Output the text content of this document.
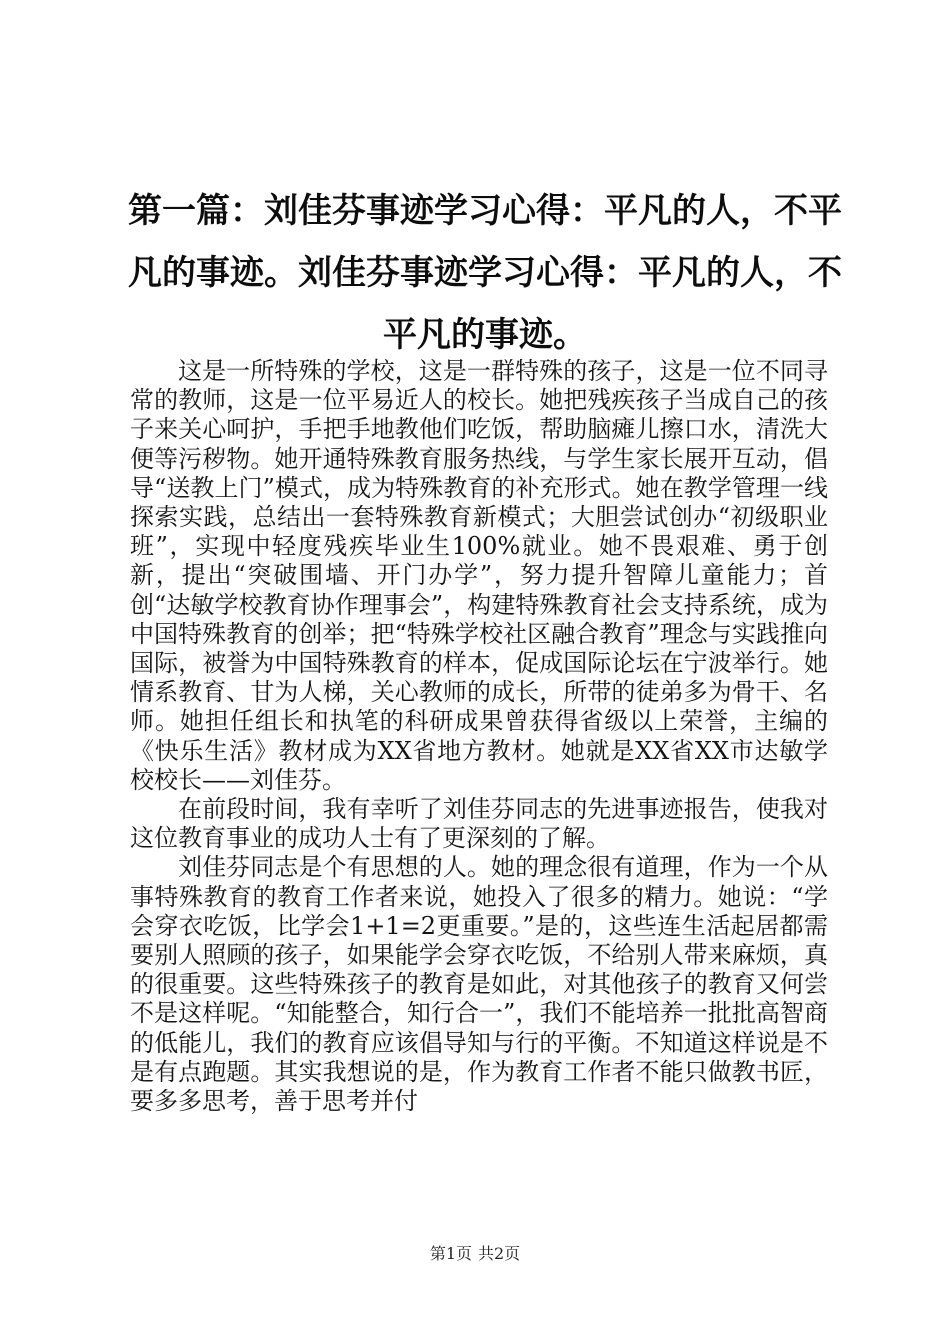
第一篇：刘佳芬事迹学习心得：平凡的人，不平凡的事迹。刘佳芬事迹学习心得：平凡的人，不平凡的事迹。

这是一所特殊的学校，这是一群特殊的孩子，这是一位不同寻常的教师，这是一位平易近人的校长。她把残疾孩子当成自己的孩子来关心呵护，手把手地教他们吃饭，帮助脑瘫儿擦口水，清洗大便等污秽物。她开通特殊教育服务热线，与学生家长展开互动，倡导“送教上门”模式，成为特殊教育的补充形式。她在教学管理一线探索实践，总结出一套特殊教育新模式；大胆尝试创办“初级职业班”，实现中轻度残疾毕业生100%就业。她不畏艰难、勇于创新，提出“突破围墙、开门办学”，努力提升智障儿童能力；首创“达敏学校教育协作理事会”，构建特殊教育社会支持系统，成为中国特殊教育的创举；把“特殊学校社区融合教育”理念与实践推向国际，被誉为中国特殊教育的样本，促成国际论坛在宁波举行。她情系教育、甘为人梯，关心教师的成长，所带的徒弟多为骨干、名师。她担任组长和执笔的科研成果曾获得省级以上荣誉，主编的《快乐生活》教材成为XX省地方教材。她就是XX省XX市达敏学校校长——刘佳芬。

在前段时间，我有幸听了刘佳芬同志的先进事迹报告，使我对这位教育事业的成功人士有了更深刻的了解。

刘佳芬同志是个有思想的人。她的理念很有道理，作为一个从事特殊教育的教育工作者来说，她投入了很多的精力。她说：“学会穿衣吃饭，比学会1+1=2更重要。”是的，这些连生活起居都需要别人照顾的孩子，如果能学会穿衣吃饭，不给别人带来麻烦，真的很重要。这些特殊孩子的教育是如此，对其他孩子的教育又何尝不是这样呢。“知能整合，知行合一”，我们不能培养一批批高智商的低能儿，我们的教育应该倡导知与行的平衡。不知道这样说是不是有点跑题。其实我想说的是，作为教育工作者不能只做教书匠，要多多思考，善于思考并付

第1页 共2页
